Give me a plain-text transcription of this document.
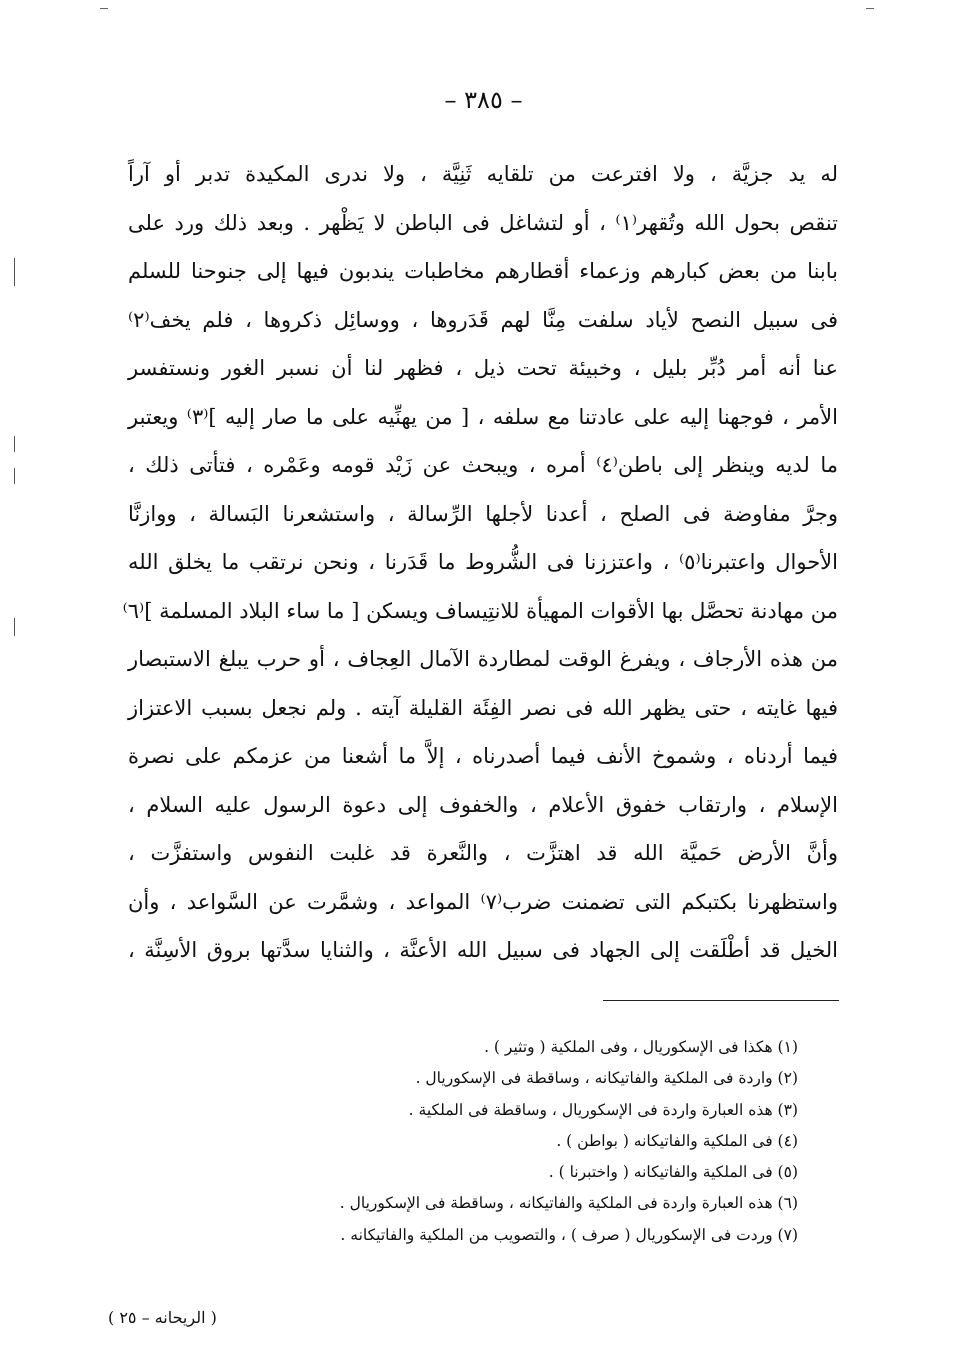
– ٣٨٥ –
له يد جزيَّة ، ولا افترعت من تلقايه ثَنِيَّة ، ولا ندرى المكيدة تدبر أو آراً
تنقص بحول الله وتُقهر⁽١⁾ ، أو لتشاغل فى الباطن لا يَظْهر . وبعد ذلك ورد على
بابنا من بعض كبارهم وزعماء أقطارهم مخاطبات يندبون فيها إلى جنوحنا للسلم
فى سبيل النصح لأياد سلفت مِنَّا لهم قَدَروها ، ووسائِل ذكروها ، فلم يخف⁽٢⁾
عنا أنه أمر دُبِّر بليل ، وخبيئة تحت ذيل ، فظهر لنا أن نسبر الغور ونستفسر
الأمر ، فوجهنا إليه على عادتنا مع سلفه ، [ من يهنِّيه على ما صار إليه ]⁽٣⁾ ويعتبر
ما لديه وينظر إلى باطن⁽٤⁾ أمره ، ويبحث عن زَيْد قومه وعَمْره ، فتأتى ذلك ،
وجرَّ مفاوضة فى الصلح ، أعدنا لأجلها الرِّسالة ، واستشعرنا البَسالة ، ووازنَّا
الأحوال واعتبرنا⁽٥⁾ ، واعتززنا فى الشُّروط ما قَدَرنا ، ونحن نرتقب ما يخلق الله
من مهادنة تحصَّل بها الأقوات المهيأة للانتِيساف ويسكن [ ما ساء البلاد المسلمة ]⁽٦⁾
من هذه الأرجاف ، ويفرغ الوقت لمطاردة الآمال العِجاف ، أو حرب يبلغ الاستبصار
فيها غايته ، حتى يظهر الله فى نصر الفِئَة القليلة آيته . ولم نجعل بسبب الاعتزاز
فيما أردناه ، وشموخ الأنف فيما أصدرناه ، إلاَّ ما أشعنا من عزمكم على نصرة
الإسلام ، وارتقاب خفوق الأعلام ، والخفوف إلى دعوة الرسول عليه السلام ،
وأنَّ الأرض حَميَّة الله قد اهتزَّت ، والنَّعرة قد غلبت النفوس واستفزَّت ،
واستظهرنا بكتبكم التى تضمنت ضرب⁽٧⁾ المواعد ، وشمَّرت عن السَّواعد ، وأن
الخيل قد أطْلَقت إلى الجهاد فى سبيل الله الأعنَّة ، والثنايا سدَّتها بروق الأسِنَّة ،
(١) هكذا فى الإسكوريال ، وفى الملكية ( وتثير ) .
(٢) واردة فى الملكية والفاتيكانه ، وساقطة فى الإسكوريال .
(٣) هذه العبارة واردة فى الإسكوريال ، وساقطة فى الملكية .
(٤) فى الملكية والفاتيكانه ( بواطن ) .
(٥) فى الملكية والفاتيكانه ( واختبرنا ) .
(٦) هذه العبارة واردة فى الملكية والفاتيكانه ، وساقطة فى الإسكوريال .
(٧) وردت فى الإسكوريال ( صرف ) ، والتصويب من الملكية والفاتيكانه .
( الريحانه – ٢٥ )
